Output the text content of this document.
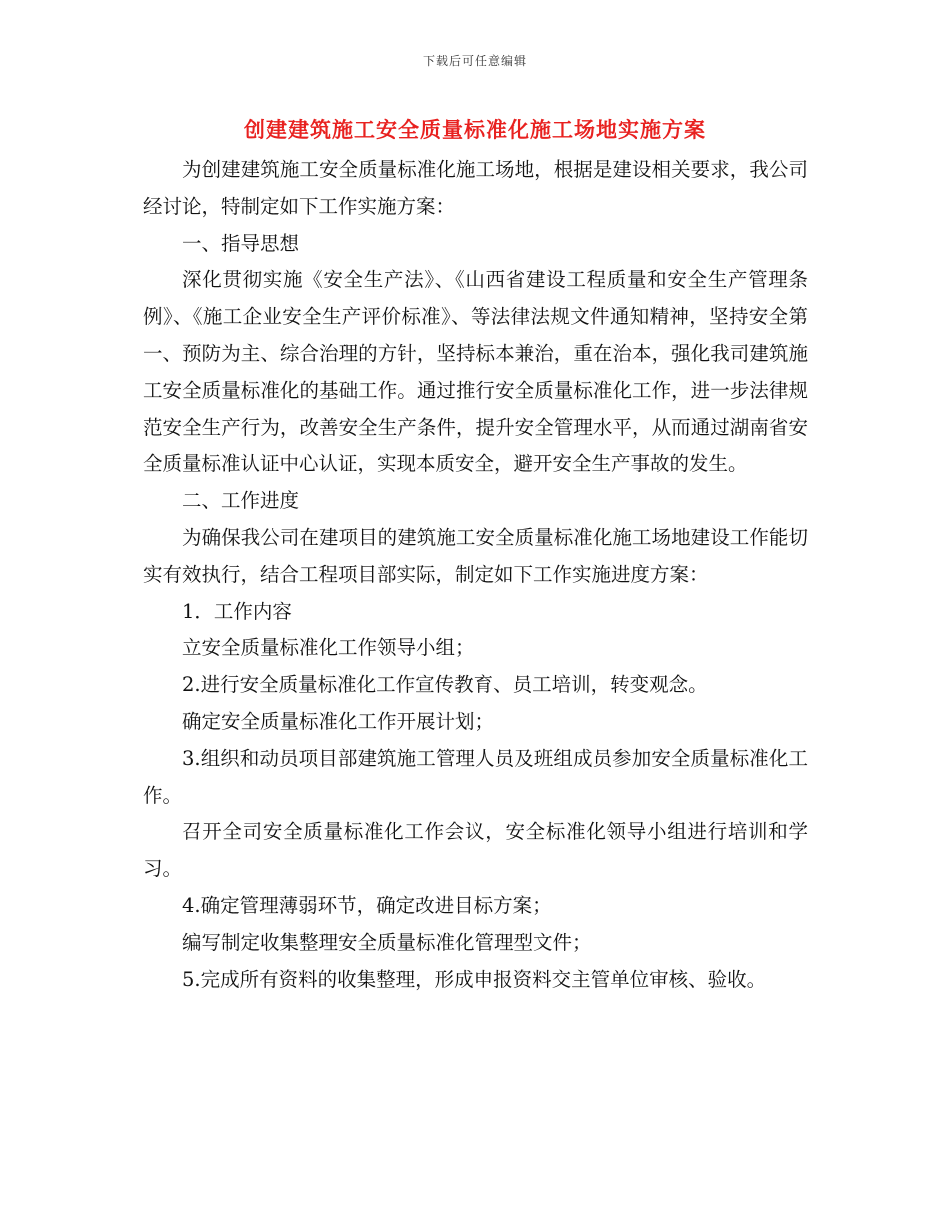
下载后可任意编辑
创建建筑施工安全质量标准化施工场地实施方案

为创建建筑施工安全质量标准化施工场地，根据是建设相关要求，我公司经讨论，特制定如下工作实施方案：

一、指导思想

深化贯彻实施《安全生产法》、《山西省建设工程质量和安全生产管理条例》、《施工企业安全生产评价标准》、等法律法规文件通知精神，坚持安全第一、预防为主、综合治理的方针，坚持标本兼治，重在治本，强化我司建筑施工安全质量标准化的基础工作。通过推行安全质量标准化工作，进一步法律规范安全生产行为，改善安全生产条件，提升安全管理水平，从而通过湖南省安全质量标准认证中心认证，实现本质安全，避开安全生产事故的发生。

二、工作进度

为确保我公司在建项目的建筑施工安全质量标准化施工场地建设工作能切实有效执行，结合工程项目部实际，制定如下工作实施进度方案：

1．工作内容

立安全质量标准化工作领导小组；

2.进行安全质量标准化工作宣传教育、员工培训，转变观念。

确定安全质量标准化工作开展计划；

3.组织和动员项目部建筑施工管理人员及班组成员参加安全质量标准化工作。

召开全司安全质量标准化工作会议，安全标准化领导小组进行培训和学习。

4.确定管理薄弱环节，确定改进目标方案；

编写制定收集整理安全质量标准化管理型文件；

5.完成所有资料的收集整理，形成申报资料交主管单位审核、验收。
